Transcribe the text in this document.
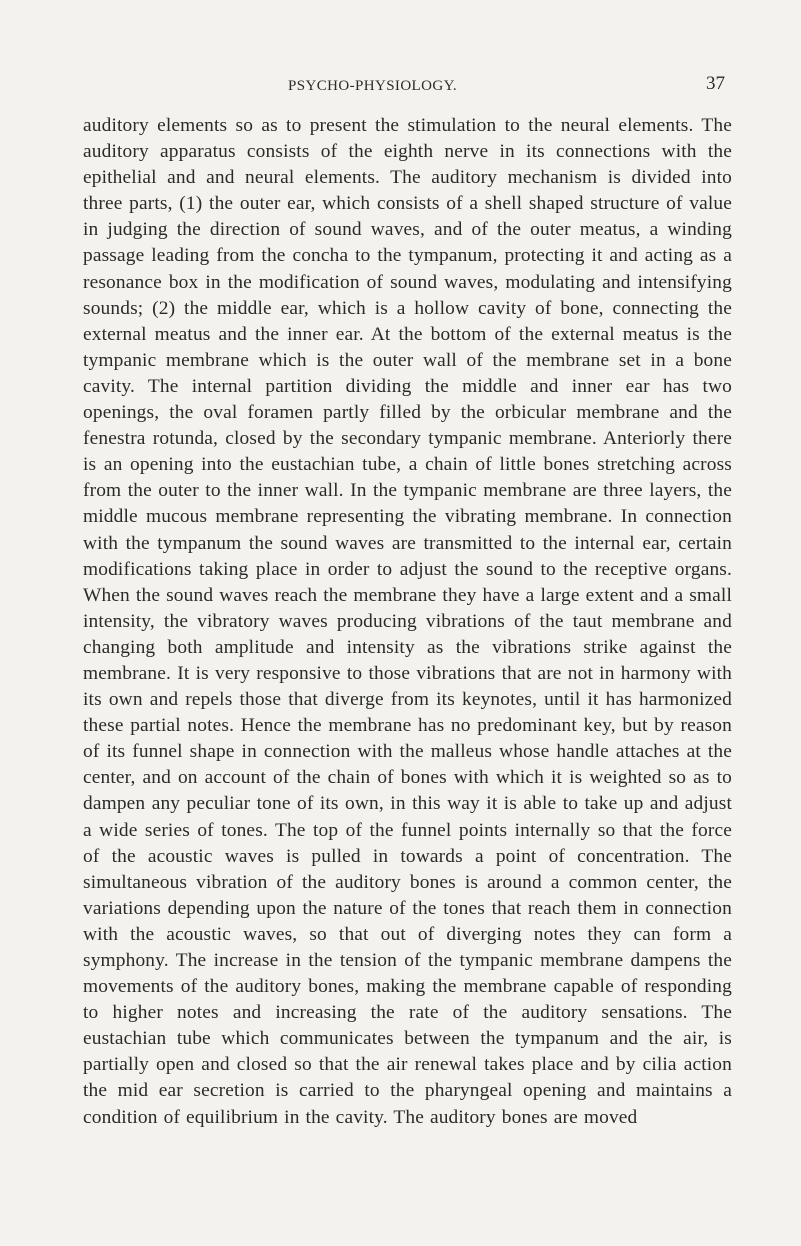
PSYCHO-PHYSIOLOGY.	37

auditory elements so as to present the stimulation to the neural elements. The auditory apparatus consists of the eighth nerve in its connections with the epithelial and and neural elements. The auditory mechanism is divided into three parts, (1) the outer ear, which consists of a shell shaped structure of value in judging the direction of sound waves, and of the outer meatus, a winding passage leading from the concha to the tympanum, protecting it and acting as a resonance box in the modification of sound waves, modulating and intensifying sounds; (2) the middle ear, which is a hollow cavity of bone, connecting the external meatus and the inner ear. At the bottom of the external meatus is the tympanic membrane which is the outer wall of the membrane set in a bone cavity. The internal partition dividing the middle and inner ear has two openings, the oval foramen partly filled by the orbicular membrane and the fenestra rotunda, closed by the secondary tympanic membrane. Anteriorly there is an opening into the eustachian tube, a chain of little bones stretching across from the outer to the inner wall. In the tympanic membrane are three layers, the middle mucous membrane representing the vibrating membrane. In connection with the tympanum the sound waves are transmitted to the internal ear, certain modifications taking place in order to adjust the sound to the receptive organs. When the sound waves reach the membrane they have a large extent and a small intensity, the vibratory waves producing vibrations of the taut membrane and changing both amplitude and intensity as the vibrations strike against the membrane. It is very responsive to those vibrations that are not in harmony with its own and repels those that diverge from its keynotes, until it has harmonized these partial notes. Hence the membrane has no predominant key, but by reason of its funnel shape in connection with the malleus whose handle attaches at the center, and on account of the chain of bones with which it is weighted so as to dampen any peculiar tone of its own, in this way it is able to take up and adjust a wide series of tones. The top of the funnel points internally so that the force of the acoustic waves is pulled in towards a point of concentration. The simultaneous vibration of the auditory bones is around a common center, the variations depending upon the nature of the tones that reach them in connection with the acoustic waves, so that out of diverging notes they can form a symphony. The increase in the tension of the tympanic membrane dampens the movements of the auditory bones, making the membrane capable of responding to higher notes and increasing the rate of the auditory sensations. The eustachian tube which communicates between the tympanum and the air, is partially open and closed so that the air renewal takes place and by cilia action the mid ear secretion is carried to the pharyngeal opening and maintains a condition of equilibrium in the cavity. The auditory bones are moved
